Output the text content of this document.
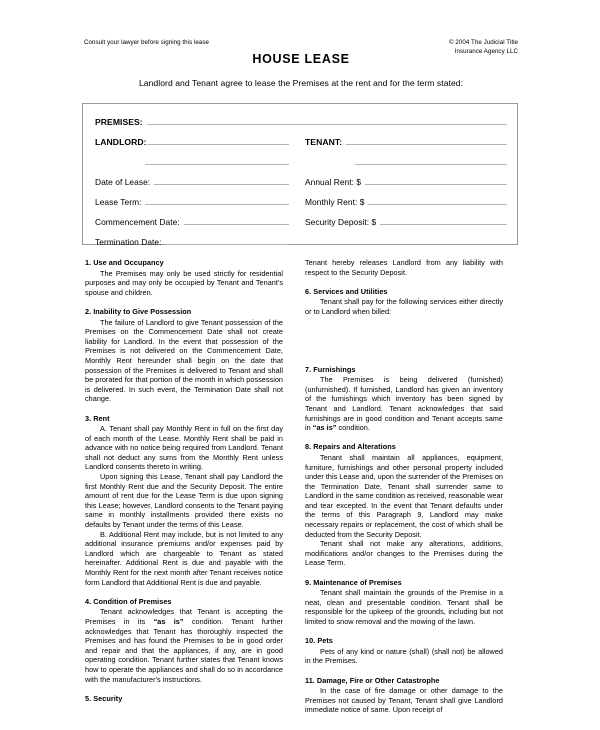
Consult your lawyer before signing this lease	© 2004 The Judicial Title
Insurance Agency LLC
HOUSE LEASE
Landlord and Tenant agree to lease the Premises at the rent and for the term stated:
PREMISES:
LANDLORD:	TENANT:
Date of Lease:	Annual Rent: $
Lease Term:	Monthly Rent: $
Commencement Date:	Security Deposit: $
Termination Date:
1. Use and Occupancy

The Premises may only be used strictly for residential purposes and may only be occupied by Tenant and Tenant's spouse and children.

2. Inability to Give Possession

The failure of Landlord to give Tenant possession of the Premises on the Commencement Date shall not create liability for Landlord. In the event that possession of the Premises is not delivered on the Commencement Date, Monthly Rent hereunder shall begin on the date that possession of the Premises is delivered to Tenant and shall be prorated for that portion of the month in which possession is delivered. In such event, the Termination Date shall not change.

3. Rent

A. Tenant shall pay Monthly Rent in full on the first day of each month of the Lease. Monthly Rent shall be paid in advance with no notice being required from Landlord. Tenant shall not deduct any sums from the Monthly Rent unless Landlord consents thereto in writing.

Upon signing this Lease, Tenant shall pay Landlord the first Monthly Rent due and the Security Deposit. The entire amount of rent due for the Lease Term is due upon signing this Lease; however, Landlord consents to the Tenant paying same in monthly installments provided there exists no defaults by Tenant under the terms of this Lease.

B. Additional Rent may include, but is not limited to any additional insurance premiums and/or expenses paid by Landlord which are chargeable to Tenant as stated hereinafter. Additional Rent is due and payable with the Monthly Rent for the next month after Tenant receives notice form Landlord that Additional Rent is due and payable.

4. Condition of Premises

Tenant acknowledges that Tenant is accepting the Premises in its “as is” condition. Tenant further acknowledges that Tenant has thoroughly inspected the Premises and has found the Premises to be in good order and repair and that the appliances, if any, are in good operating condition. Tenant further states that Tenant knows how to operate the appliances and shall do so in accordance with the manufacturer's instructions.

5. Security

Tenant hereby releases Landlord from any liability with respect to the Security Deposit.

6. Services and Utilities

Tenant shall pay for the following services either directly or to Landlord when billed:

7. Furnishings

The Premises is being delivered (furnished) (unfurnished). If furnished, Landlord has given an inventory of the furnishings which inventory has been signed by Tenant and Landlord. Tenant acknowledges that said furnishings are in good condition and Tenant accepts same in “as is” condition.

8. Repairs and Alterations

Tenant shall maintain all appliances, equipment, furniture, furnishings and other personal property included under this Lease and, upon the surrender of the Premises on the Termination Date, Tenant shall surrender same to Landlord in the same condition as received, reasonable wear and tear excepted. In the event that Tenant defaults under the terms of this Paragraph 9, Landlord may make necessary repairs or replacement, the cost of which shall be deducted from the Security Deposit.

Tenant shall not make any alterations, additions, modifications and/or changes to the Premises during the Lease Term.

9. Maintenance of Premises

Tenant shall maintain the grounds of the Premise in a neat, clean and presentable condition. Tenant shall be responsible for the upkeep of the grounds, including but not limited to snow removal and the mowing of the lawn.

10. Pets

Pets of any kind or nature (shall) (shall not) be allowed in the Premises.

11. Damage, Fire or Other Catastrophe

In the case of fire damage or other damage to the Premises not caused by Tenant, Tenant shall give Landlord immediate notice of same. Upon receipt of
